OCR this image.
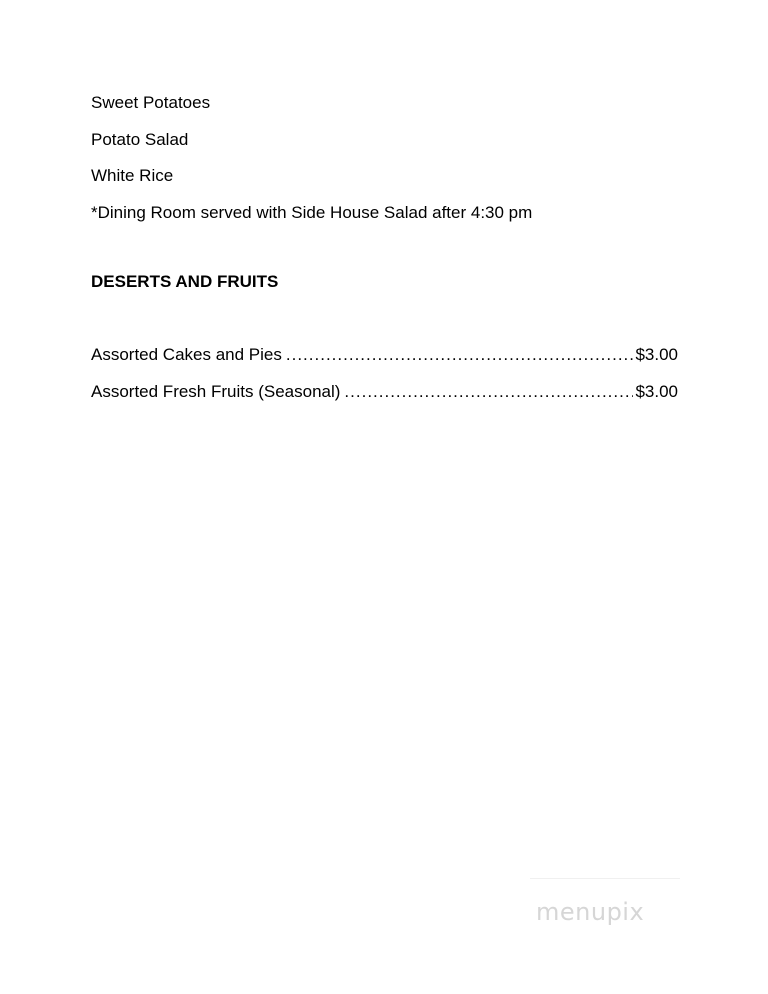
Sweet Potatoes
Potato Salad
White Rice
*Dining Room served with Side House Salad after 4:30 pm
DESERTS AND FRUITS
Assorted Cakes and Pies .....	$3.00
Assorted Fresh Fruits (Seasonal) .....	$3.00
menupix
